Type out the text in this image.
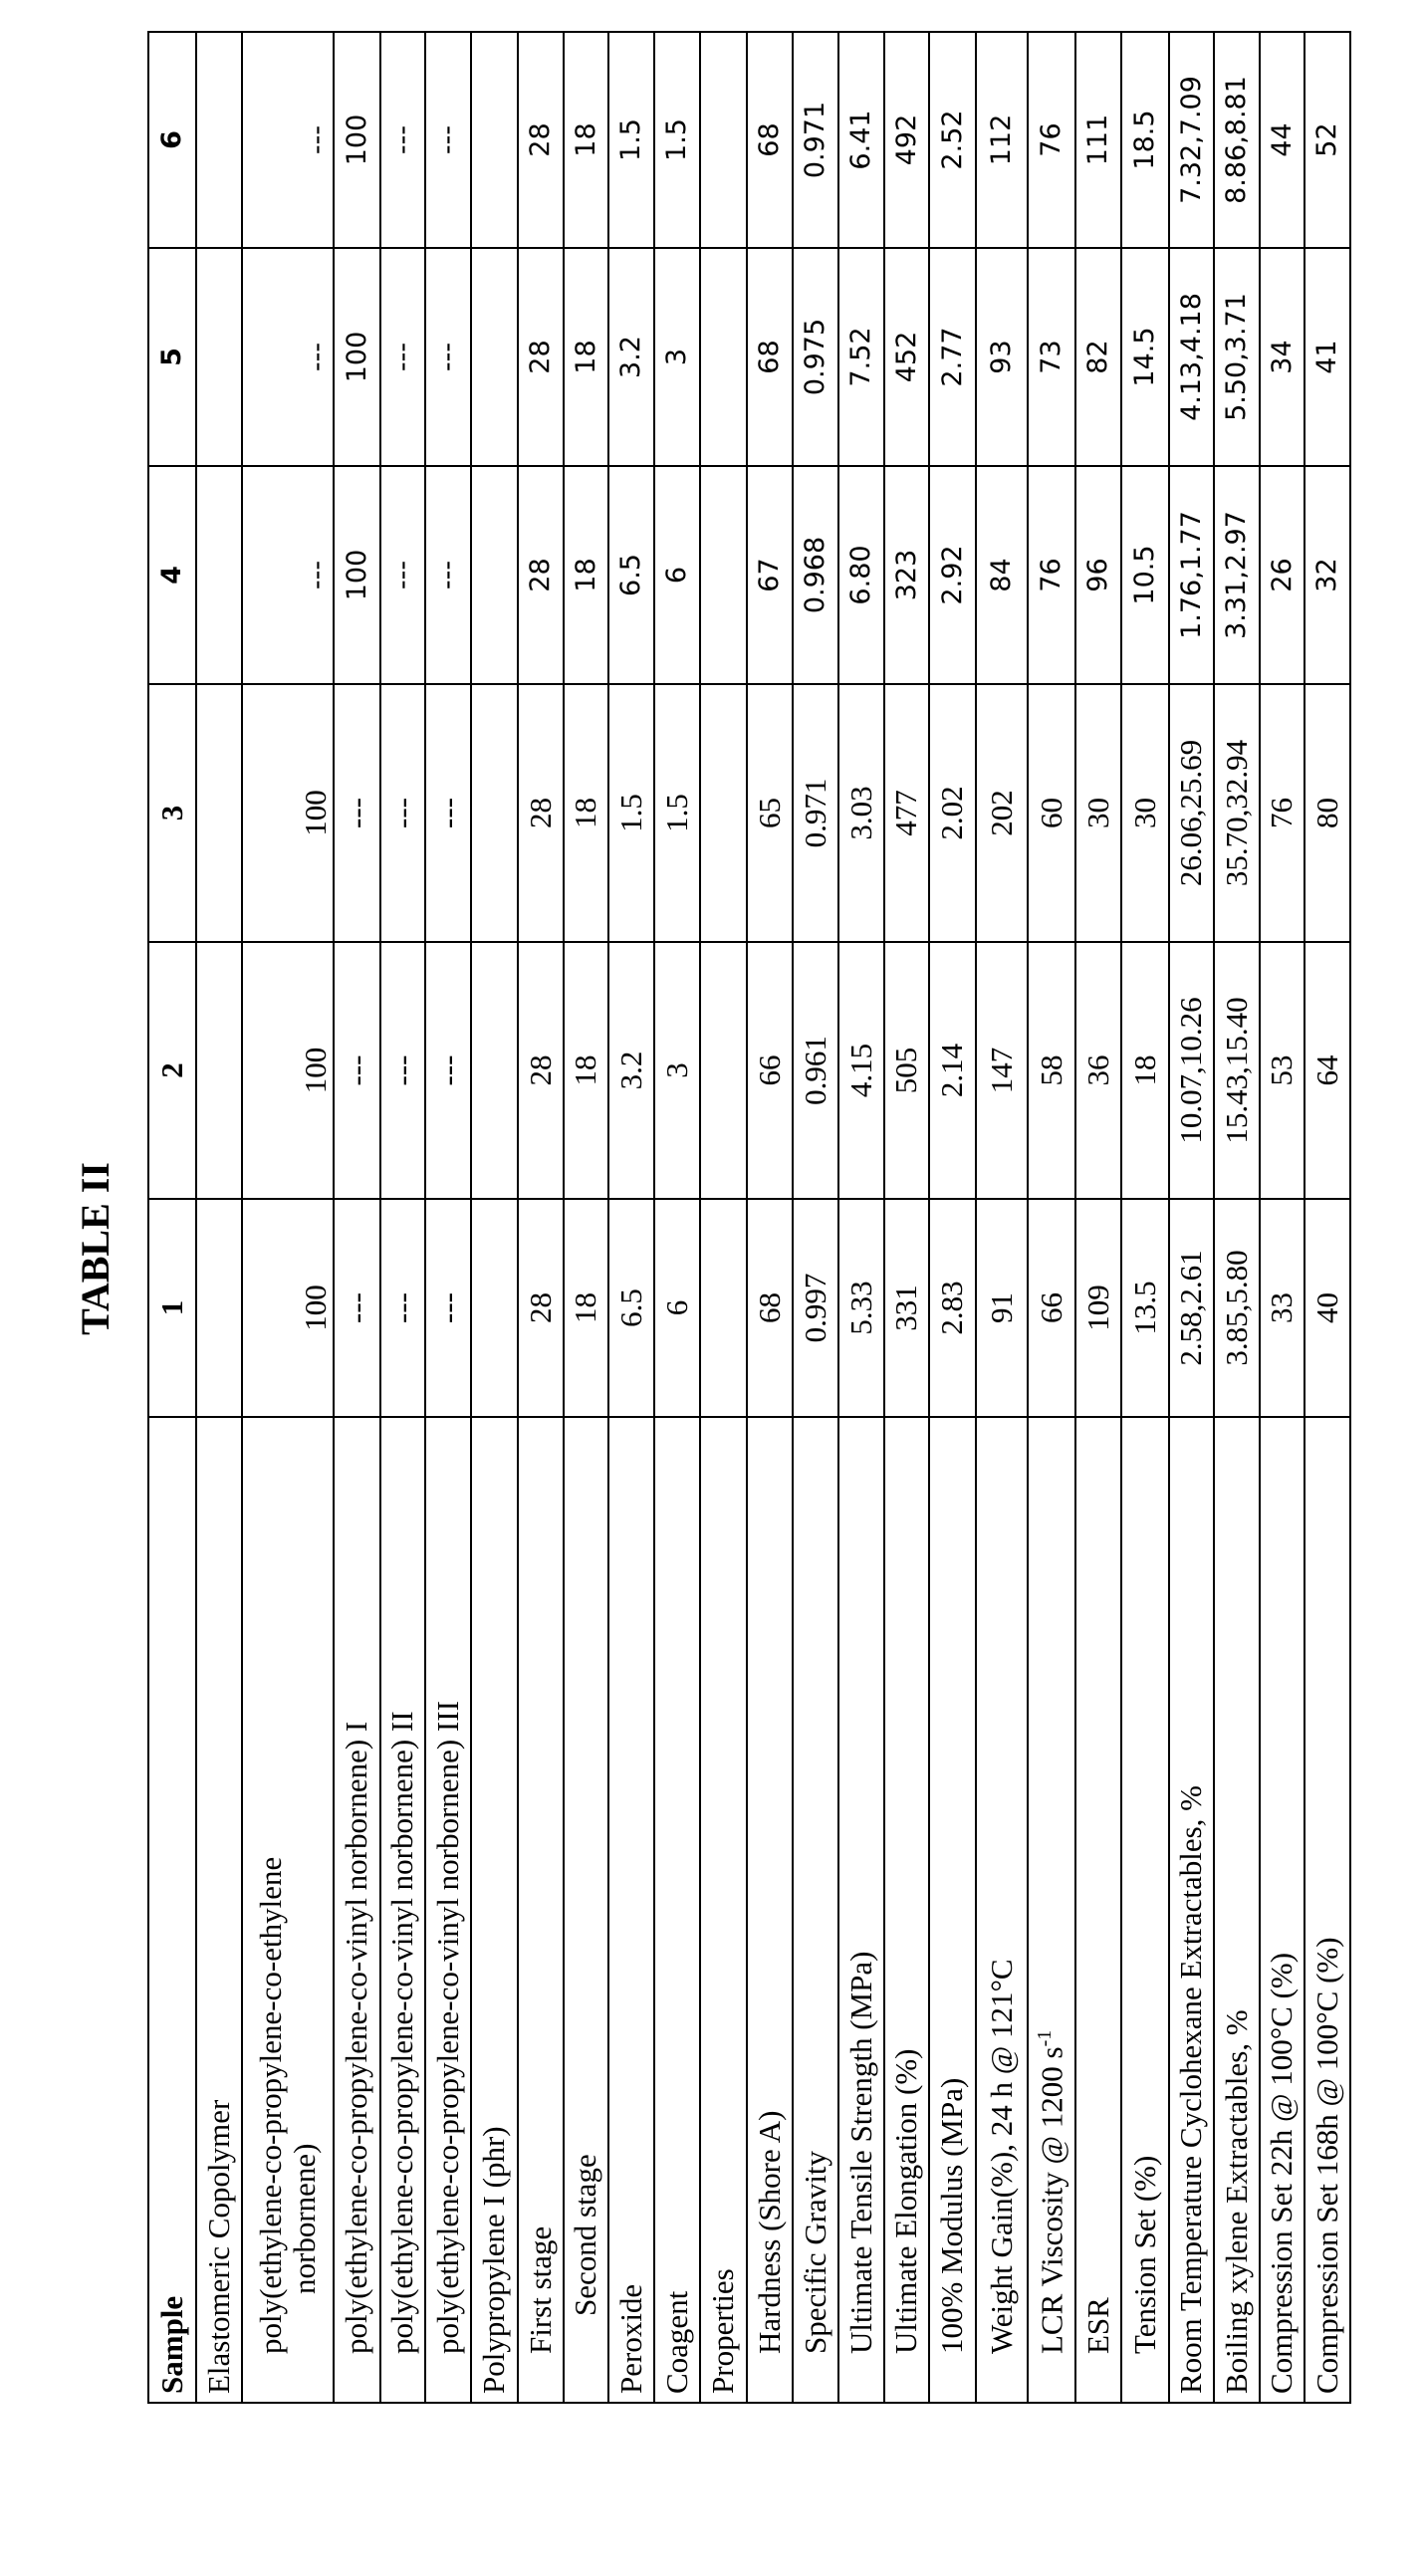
TABLE II
Sample	1	2	3	4	5	6
Elastomeric Copolymer						poly(ethylene-co-propylene-co-ethylene norbornene)
	100	100	100	---	---	---
poly(ethylene-co-propylene-co-vinyl norbornene) I	---	---	---	100	100	100
poly(ethylene-co-propylene-co-vinyl norbornene) II	---	---	---	---	---	---
poly(ethylene-co-propylene-co-vinyl norbornene) III	---	---	---	---	---	---
Polypropylene I (phr)						First stage	28	28	28	28	28	28
Second stage	18	18	18	18	18	18
Peroxide	6.5	3.2	1.5	6.5	3.2	1.5
Coagent	6	3	1.5	6	3	1.5
Properties						Hardness (Shore A)	68	66	65	67	68	68
Specific Gravity	0.997	0.961	0.971	0.968	0.975	0.971
Ultimate Tensile Strength (MPa)	5.33	4.15	3.03	6.80	7.52	6.41
Ultimate Elongation (%)	331	505	477	323	452	492
100% Modulus (MPa)	2.83	2.14	2.02	2.92	2.77	2.52
Weight Gain(%), 24 h @ 121°C	91	147	202	84	93	112
LCR Viscosity @ 1200 s-1	66	58	60	76	73	76
ESR	109	36	30	96	82	111
Tension Set (%)	13.5	18	30	10.5	14.5	18.5
Room Temperature Cyclohexane Extractables, %	2.58,2.61	10.07,10.26	26.06,25.69	1.76,1.77	4.13,4.18	7.32,7.09
Boiling xylene Extractables, %	3.85,5.80	15.43,15.40	35.70,32.94	3.31,2.97	5.50,3.71	8.86,8.81
Compression Set 22h @ 100°C (%)	33	53	76	26	34	44
Compression Set 168h @ 100°C (%)	40	64	80	32	41	52
